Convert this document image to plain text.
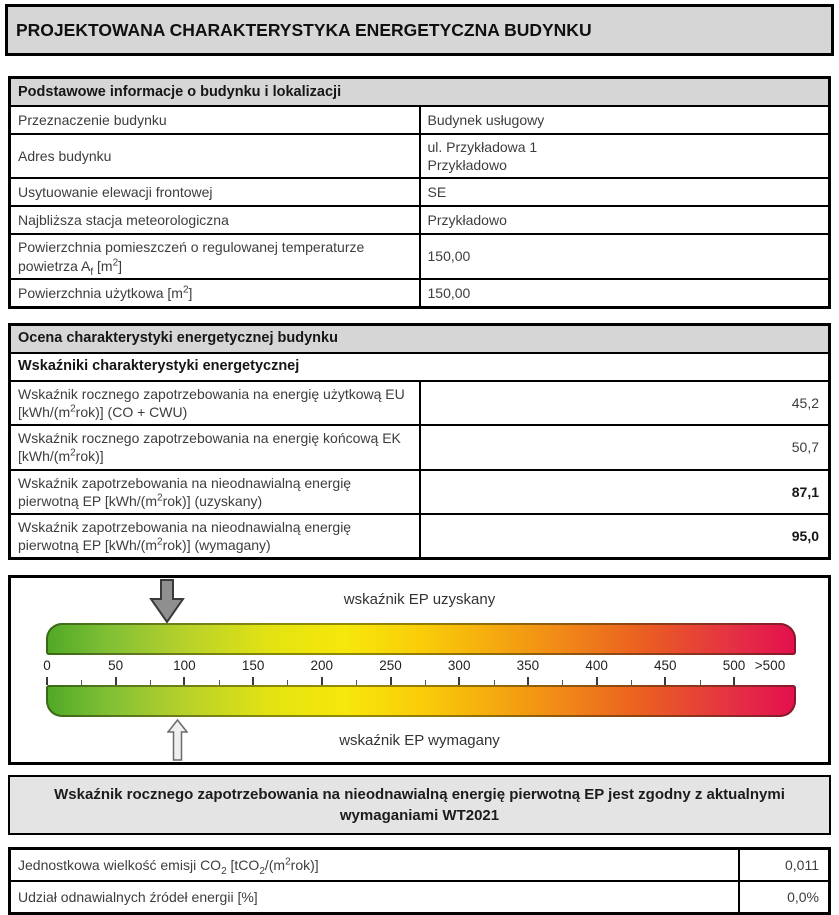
PROJEKTOWANA CHARAKTERYSTYKA ENERGETYCZNA BUDYNKU
Podstawowe informacje o budynku i lokalizacji	
Przeznaczenie budynku	Budynek usługowy
Adres budynku	ul. Przykładowa 1
Przykładowo
Usytuowanie elewacji frontowej	SE
Najbliższa stacja meteorologiczna	Przykładowo
Powierzchnia pomieszczeń o regulowanej temperaturze powietrza $A_f$ $[m^2]$	150,00
Powierzchnia użytkowa $[m^2]$	150,00
Ocena charakterystyki energetycznej budynku	
Wskaźniki charakterystyki energetycznej	
Wskaźnik rocznego zapotrzebowania na energię użytkową EU $[kWh/(m^2rok)] (CO + CWU)$	45,2
Wskaźnik rocznego zapotrzebowania na energię końcową EK $[kWh/(m^2rok)]$	50,7
Wskaźnik zapotrzebowania na nieodnawialną energię pierwotną EP $[kWh/(m^2rok)]$ (uzyskany)	87,1
Wskaźnik zapotrzebowania na nieodnawialną energię pierwotną EP $[kWh/(m^2rok)]$ (wymagany)	95,0
wskaźnik EP uzyskany
0	50	100	150	200	250	300	350	400	450	500 >500
wskaźnik EP wymagany
Wskaźnik rocznego zapotrzebowania na nieodnawialną energię pierwotną EP jest zgodny z aktualnymi wymaganiami WT2021
Jednostkowa wielkość emisji $CO_2$ $[tCO_2/(m^2rok)]$	0,011
Udział odnawialnych źródeł energii [%]	0,0%
